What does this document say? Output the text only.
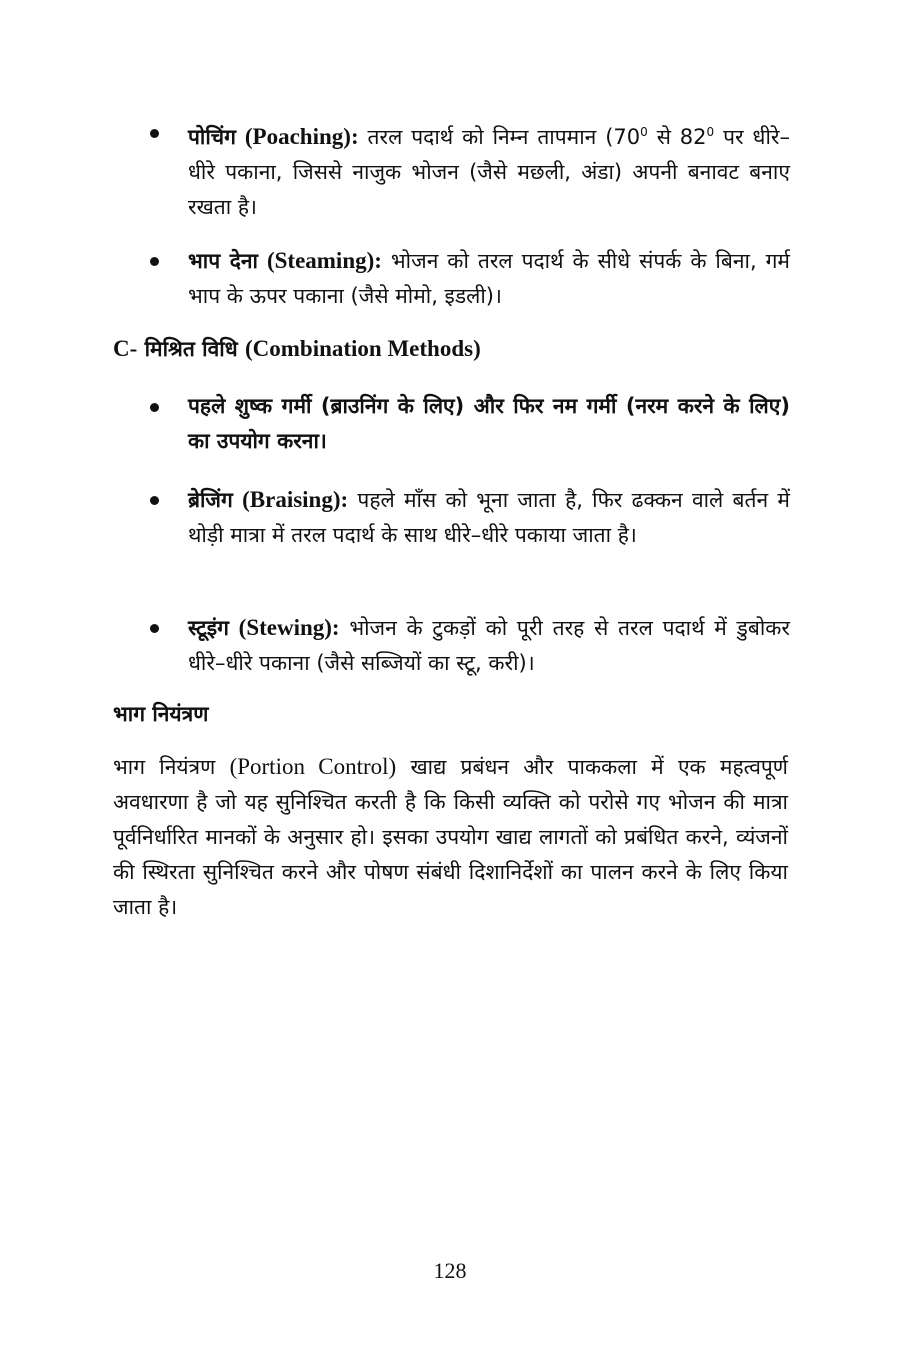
पोचिंग (Poaching): तरल पदार्थ को निम्न तापमान ($70^0$ से $82^0$ पर धीरे–धीरे पकाना, जिससे नाजुक भोजन (जैसे मछली, अंडा) अपनी बनावट बनाए रखता है।
भाप देना (Steaming): भोजन को तरल पदार्थ के सीधे संपर्क के बिना, गर्म भाप के ऊपर पकाना (जैसे मोमो, इडली)।
C- मिश्रित विधि (Combination Methods)
पहले शुष्क गर्मी (ब्राउनिंग के लिए) और फिर नम गर्मी (नरम करने के लिए) का उपयोग करना।
ब्रेजिंग (Braising): पहले माँस को भूना जाता है, फिर ढक्कन वाले बर्तन में थोड़ी मात्रा में तरल पदार्थ के साथ धीरे–धीरे पकाया जाता है।
स्टूइंग (Stewing): भोजन के टुकड़ों को पूरी तरह से तरल पदार्थ में डुबोकर धीरे–धीरे पकाना (जैसे सब्जियों का स्टू, करी)।
भाग नियंत्रण
भाग नियंत्रण (Portion Control) खाद्य प्रबंधन और पाककला में एक महत्वपूर्ण अवधारणा है जो यह सुनिश्चित करती है कि किसी व्यक्ति को परोसे गए भोजन की मात्रा पूर्वनिर्धारित मानकों के अनुसार हो। इसका उपयोग खाद्य लागतों को प्रबंधित करने, व्यंजनों की स्थिरता सुनिश्चित करने और पोषण संबंधी दिशानिर्देशों का पालन करने के लिए किया जाता है।
128
